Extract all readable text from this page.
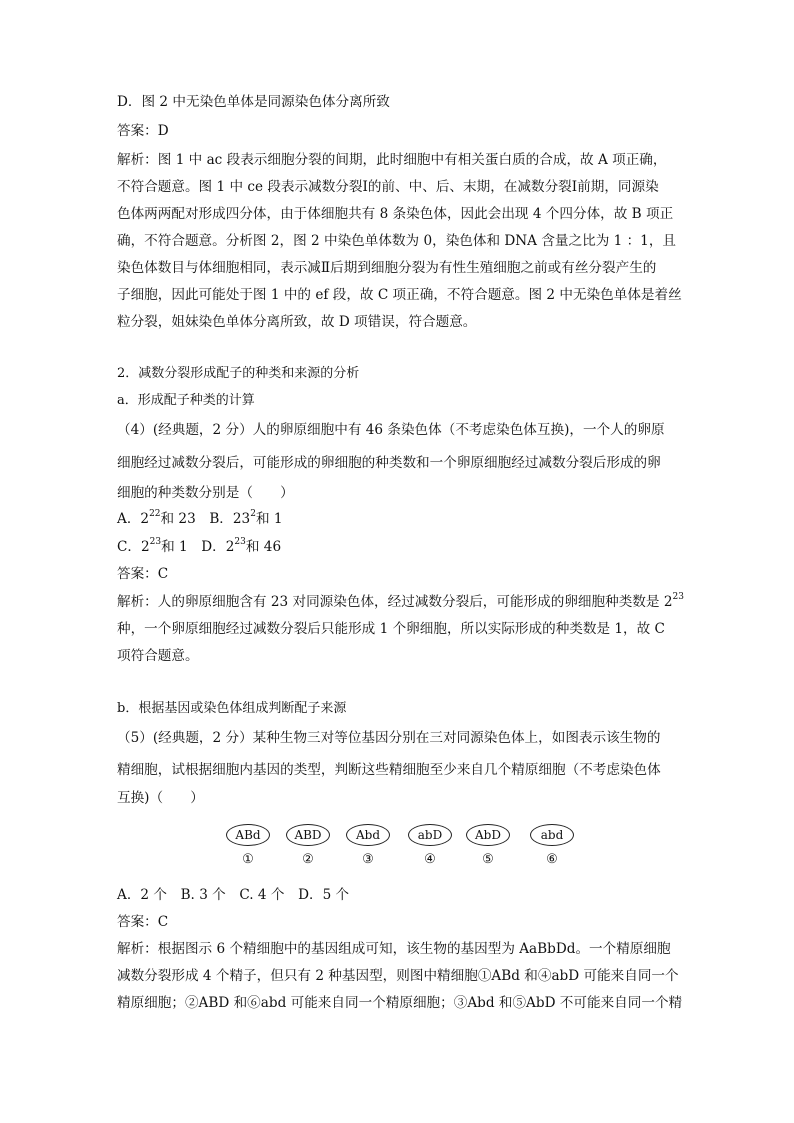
D．图 2 中无染色单体是同源染色体分离所致
答案：D
解析：图 1 中 ac 段表示细胞分裂的间期，此时细胞中有相关蛋白质的合成，故 A 项正确，
不符合题意。图 1 中 ce 段表示减数分裂Ⅰ的前、中、后、末期，在减数分裂Ⅰ前期，同源染
色体两两配对形成四分体，由于体细胞共有 8 条染色体，因此会出现 4 个四分体，故 B 项正
确，不符合题意。分析图 2，图 2 中染色单体数为 0，染色体和 DNA 含量之比为 1 ：1，且
染色体数目与体细胞相同，表示减Ⅱ后期到细胞分裂为有性生殖细胞之前或有丝分裂产生的
子细胞，因此可能处于图 1 中的 ef 段，故 C 项正确，不符合题意。图 2 中无染色单体是着丝
粒分裂，姐妹染色单体分离所致，故 D 项错误，符合题意。
2．减数分裂形成配子的种类和来源的分析
a．形成配子种类的计算
（4）(经典题，2 分）人的卵原细胞中有 46 条染色体（不考虑染色体互换)，一个人的卵原
细胞经过减数分裂后，可能形成的卵细胞的种类数和一个卵原细胞经过减数分裂后形成的卵
细胞的种类数分别是（　　）
A．$2^{22}$和 23　B．$23^2$和 1
C．$2^{23}$和 1　D．$2^{23}$和 46
答案：C
解析：人的卵原细胞含有 23 对同源染色体，经过减数分裂后，可能形成的卵细胞种类数是 $2^{23}$
种，一个卵原细胞经过减数分裂后只能形成 1 个卵细胞，所以实际形成的种类数是 1，故 C
项符合题意。
b．根据基因或染色体组成判断配子来源
（5）(经典题，2 分）某种生物三对等位基因分别在三对同源染色体上，如图表示该生物的
精细胞，试根据细胞内基因的类型，判断这些精细胞至少来自几个精原细胞（不考虑染色体
互换)（　　）
ABd
①
ABD
②
Abd
③
abD
④
AbD
⑤
abd
⑥
A．2 个　B. 3 个　C. 4 个　D．5 个
答案：C
解析：根据图示 6 个精细胞中的基因组成可知，该生物的基因型为 AaBbDd。一个精原细胞
减数分裂形成 4 个精子，但只有 2 种基因型，则图中精细胞①ABd 和④abD 可能来自同一个
精原细胞；②ABD 和⑥abd 可能来自同一个精原细胞；③Abd 和⑤AbD 不可能来自同一个精
